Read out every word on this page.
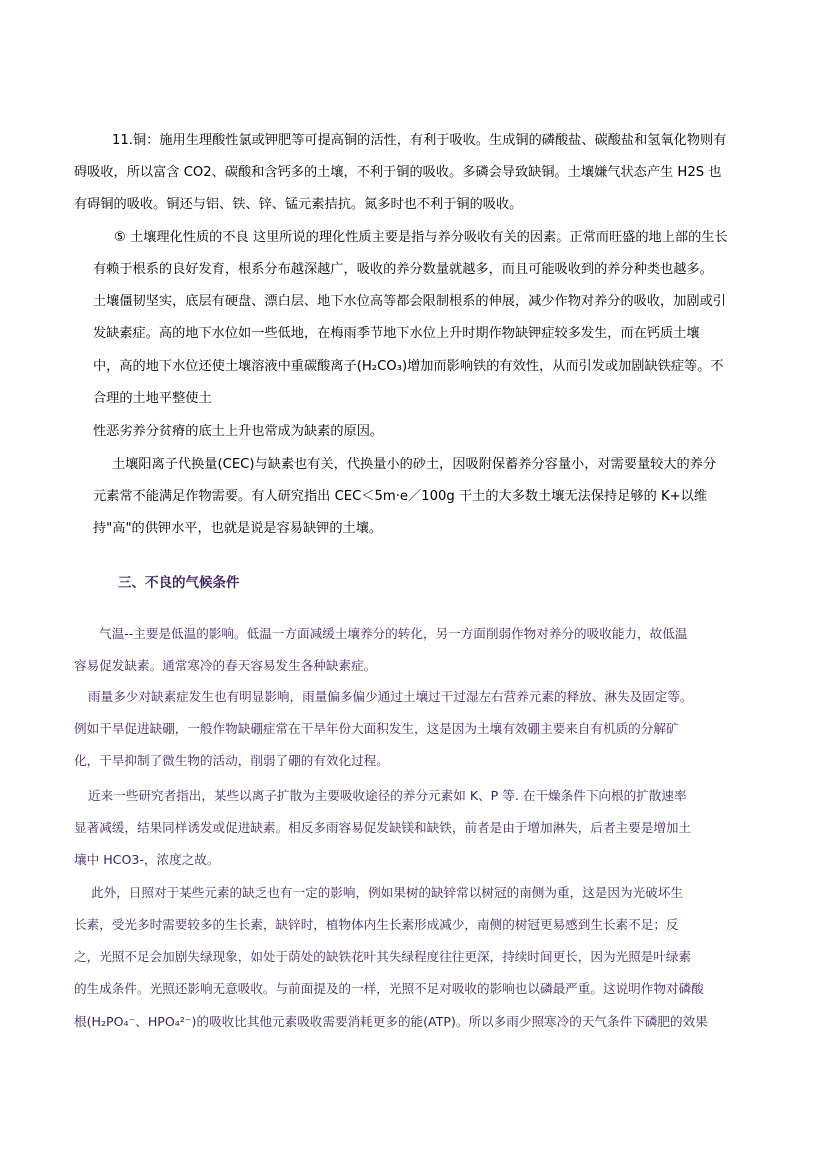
11.铜：施用生理酸性氯或钾肥等可提高铜的活性，有利于吸收。生成铜的磷酸盐、碳酸盐和氢氧化物则有
碍吸收，所以富含 CO2、碳酸和含钙多的土壤，不利于铜的吸收。多磷会导致缺铜。土壤嫌气状态产生 H2S 也
有碍铜的吸收。铜还与铝、铁、锌、锰元素拮抗。氮多时也不利于铜的吸收。
⑤ 土壤理化性质的不良 这里所说的理化性质主要是指与养分吸收有关的因素。正常而旺盛的地上部的生长
有赖于根系的良好发育，根系分布越深越广，吸收的养分数量就越多，而且可能吸收到的养分种类也越多。
土壤僵韧坚实，底层有硬盘、漂白层、地下水位高等都会限制根系的伸展，减少作物对养分的吸收，加剧或引
发缺素症。高的地下水位如一些低地，在梅雨季节地下水位上升时期作物缺钾症较多发生，而在钙质土壤
中，高的地下水位还使土壤溶液中重碳酸离子(H₂CO₃)增加而影响铁的有效性，从而引发或加剧缺铁症等。不
合理的土地平整使土
性恶劣养分贫瘠的底土上升也常成为缺素的原因。
土壤阳离子代换量(CEC)与缺素也有关，代换量小的砂土，因吸附保蓄养分容量小，对需要量较大的养分
元素常不能满足作物需要。有人研究指出 CEC＜5m·e／100g 干土的大多数土壤无法保持足够的 K+以维
持"高"的供钾水平，也就是说是容易缺钾的土壤。
三、不良的气候条件
气温--主要是低温的影响。低温一方面减缓土壤养分的转化，另一方面削弱作物对养分的吸收能力，故低温
容易促发缺素。通常寒冷的春天容易发生各种缺素症。
雨量多少对缺素症发生也有明显影响，雨量偏多偏少通过土壤过干过湿左右营养元素的释放、淋失及固定等。
例如干旱促进缺硼，一般作物缺硼症常在干旱年份大面积发生，这是因为土壤有效硼主要来自有机质的分解矿
化，干旱抑制了微生物的活动，削弱了硼的有效化过程。
近来一些研究者指出，某些以离子扩散为主要吸收途径的养分元素如 K、P 等. 在干燥条件下向根的扩散速率
显著减缓，结果同样诱发或促进缺素。相反多雨容易促发缺镁和缺铁，前者是由于增加淋失，后者主要是增加土
壤中 HCO3-，浓度之故。
此外，日照对于某些元素的缺乏也有一定的影响，例如果树的缺锌常以树冠的南侧为重，这是因为光破坏生
长素，受光多时需要较多的生长素，缺锌时，植物体内生长素形成减少，南侧的树冠更易感到生长素不足；反
之，光照不足会加剧失绿现象，如处于荫处的缺铁花叶其失绿程度往往更深，持续时间更长，因为光照是叶绿素
的生成条件。光照还影响无意吸收。与前面提及的一样，光照不足对吸收的影响也以磷最严重。这说明作物对磷酸
根(H₂PO₄⁻、HPO₄²⁻)的吸收比其他元素吸收需要消耗更多的能(ATP)。所以多雨少照寒冷的天气条件下磷肥的效果
